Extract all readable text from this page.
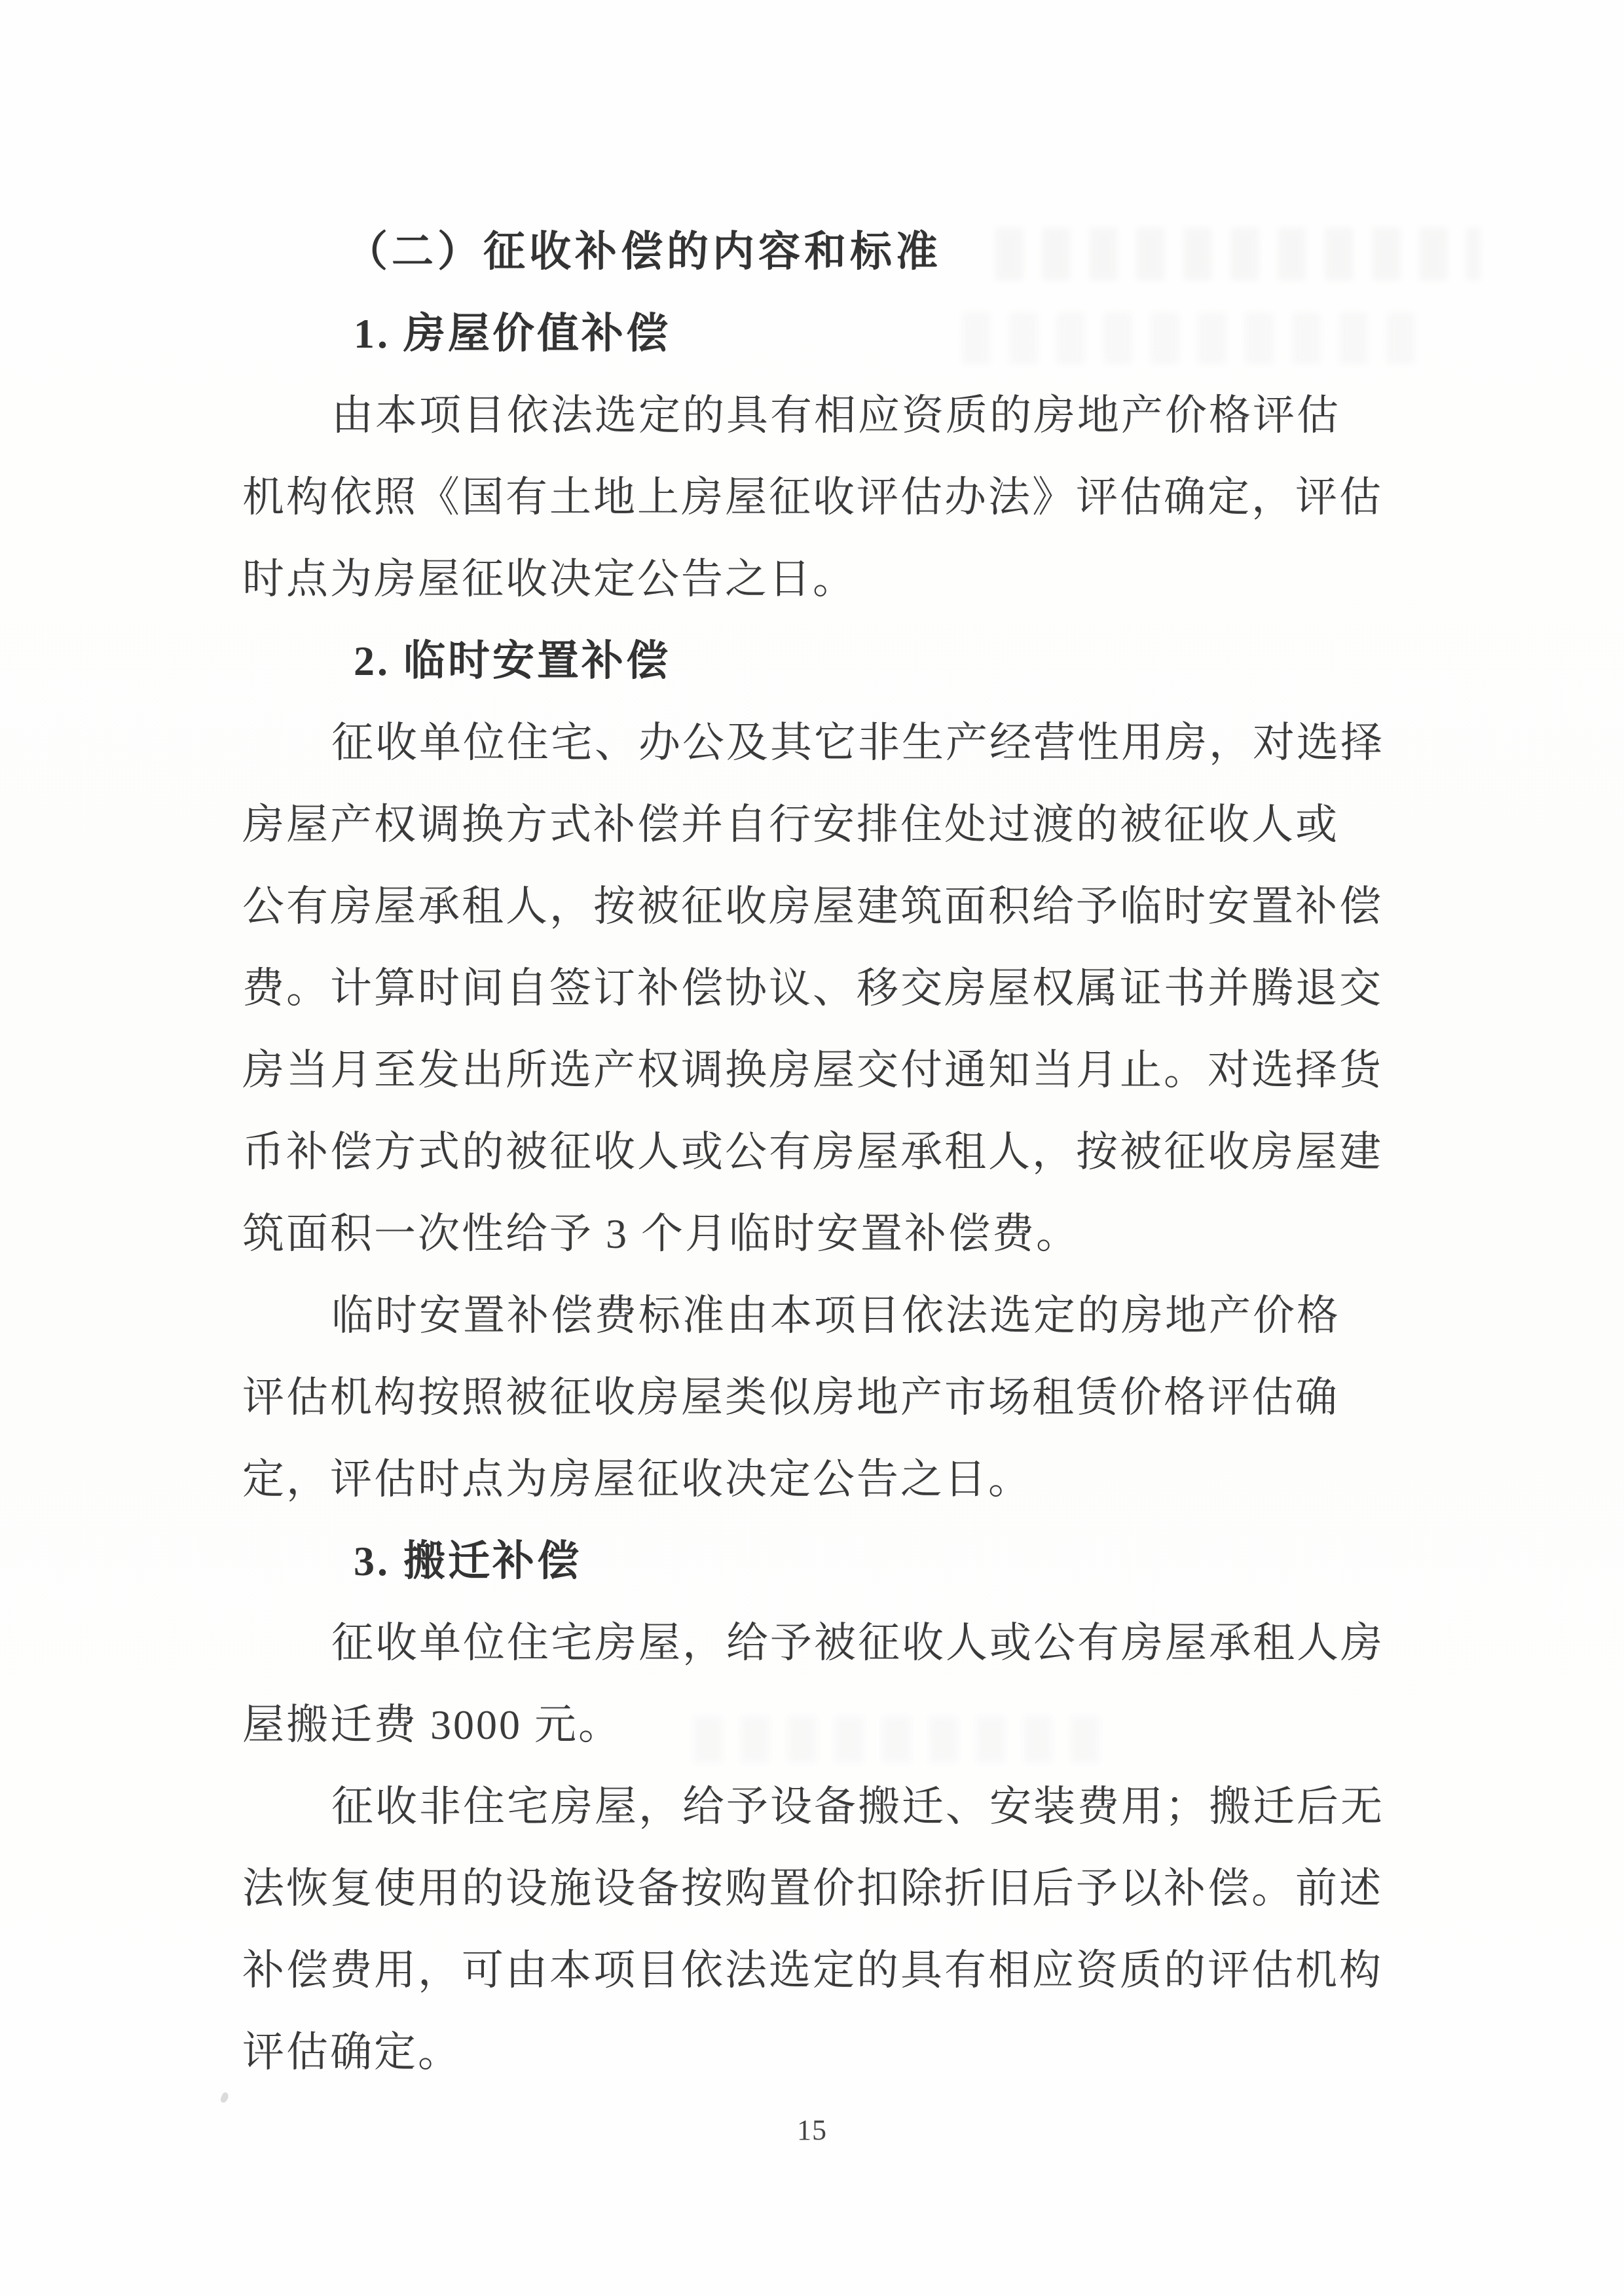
（二）征收补偿的内容和标准
1. 房屋价值补偿
由本项目依法选定的具有相应资质的房地产价格评估
机构依照《国有土地上房屋征收评估办法》评估确定，评估
时点为房屋征收决定公告之日。
2. 临时安置补偿
征收单位住宅、办公及其它非生产经营性用房，对选择
房屋产权调换方式补偿并自行安排住处过渡的被征收人或
公有房屋承租人，按被征收房屋建筑面积给予临时安置补偿
费。计算时间自签订补偿协议、移交房屋权属证书并腾退交
房当月至发出所选产权调换房屋交付通知当月止。对选择货
币补偿方式的被征收人或公有房屋承租人，按被征收房屋建
筑面积一次性给予 3 个月临时安置补偿费。
临时安置补偿费标准由本项目依法选定的房地产价格
评估机构按照被征收房屋类似房地产市场租赁价格评估确
定，评估时点为房屋征收决定公告之日。
3. 搬迁补偿
征收单位住宅房屋，给予被征收人或公有房屋承租人房
屋搬迁费 3000 元。
征收非住宅房屋，给予设备搬迁、安装费用；搬迁后无
法恢复使用的设施设备按购置价扣除折旧后予以补偿。前述
补偿费用，可由本项目依法选定的具有相应资质的评估机构
评估确定。
15
